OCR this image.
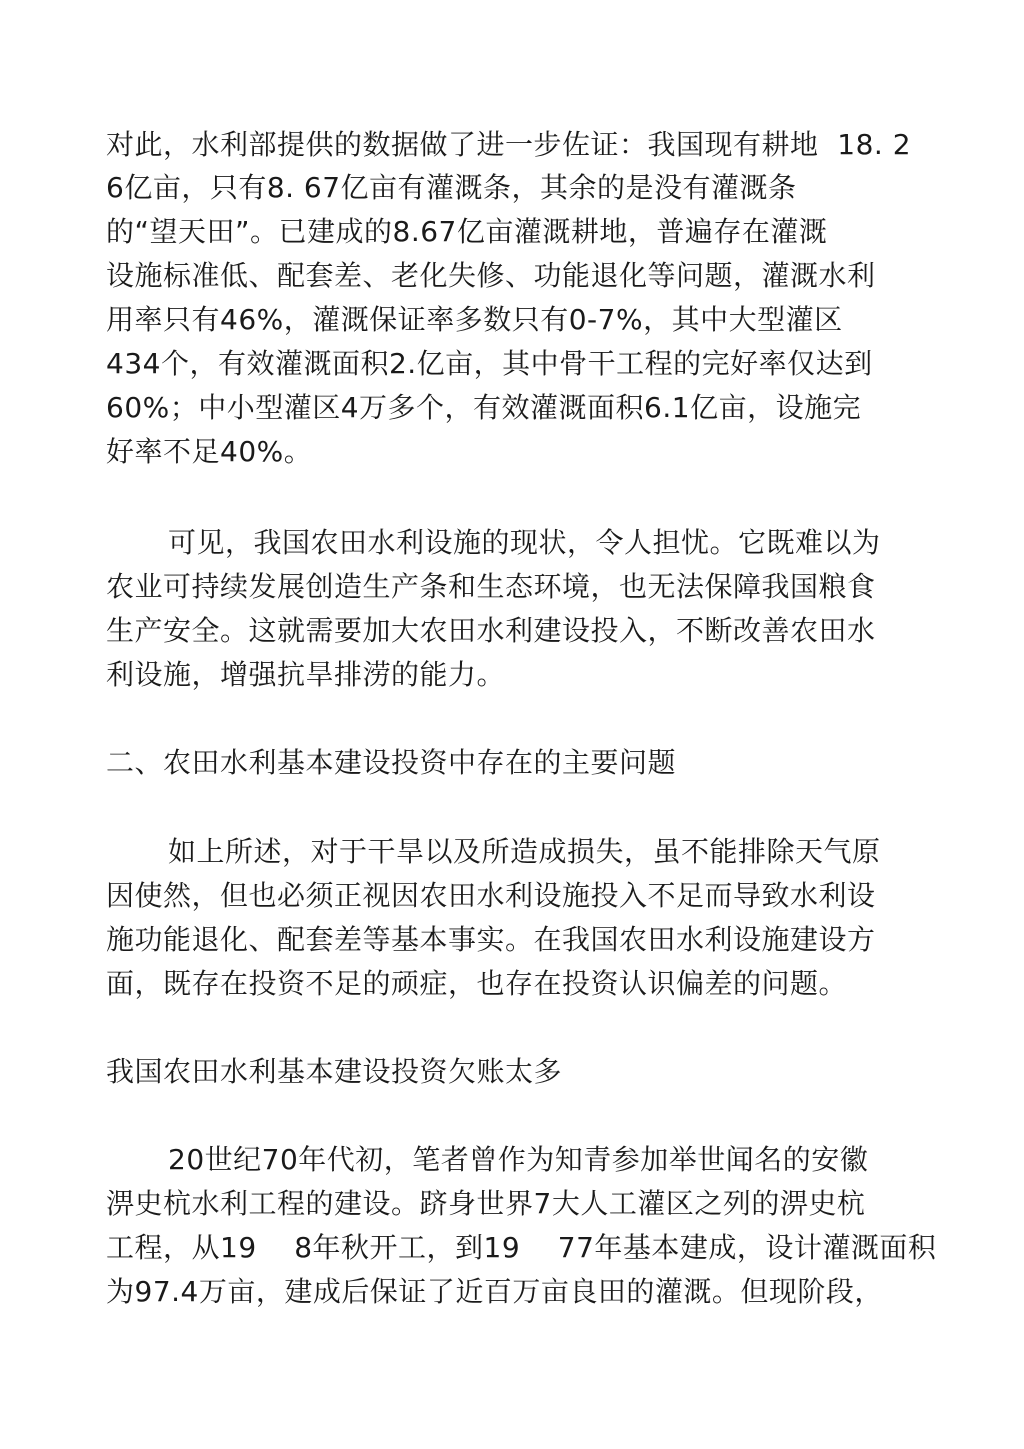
对此，水利部提供的数据做了进一步佐证：我国现有耕地  18. 2
6亿亩，只有8. 67亿亩有灌溉条，其余的是没有灌溉条
的“望天田”。已建成的8.67亿亩灌溉耕地，普遍存在灌溉
设施标准低、配套差、老化失修、功能退化等问题，灌溉水利
用率只有46%，灌溉保证率多数只有0-7%，其中大型灌区
434个，有效灌溉面积2.亿亩，其中骨干工程的完好率仅达到
60%；中小型灌区4万多个，有效灌溉面积6.1亿亩，设施完
好率不足40%。
可见，我国农田水利设施的现状，令人担忧。它既难以为
农业可持续发展创造生产条和生态环境，也无法保障我国粮食
生产安全。这就需要加大农田水利建设投入，不断改善农田水
利设施，增强抗旱排涝的能力。
二、农田水利基本建设投资中存在的主要问题
如上所述，对于干旱以及所造成损失，虽不能排除天气原
因使然，但也必须正视因农田水利设施投入不足而导致水利设
施功能退化、配套差等基本事实。在我国农田水利设施建设方
面，既存在投资不足的顽症，也存在投资认识偏差的问题。
我国农田水利基本建设投资欠账太多
20世纪70年代初，笔者曾作为知青参加举世闻名的安徽
淠史杭水利工程的建设。跻身世界7大人工灌区之列的淠史杭
工程，从19    8年秋开工，到19    77年基本建成，设计灌溉面积
为97.4万亩，建成后保证了近百万亩良田的灌溉。但现阶段，
